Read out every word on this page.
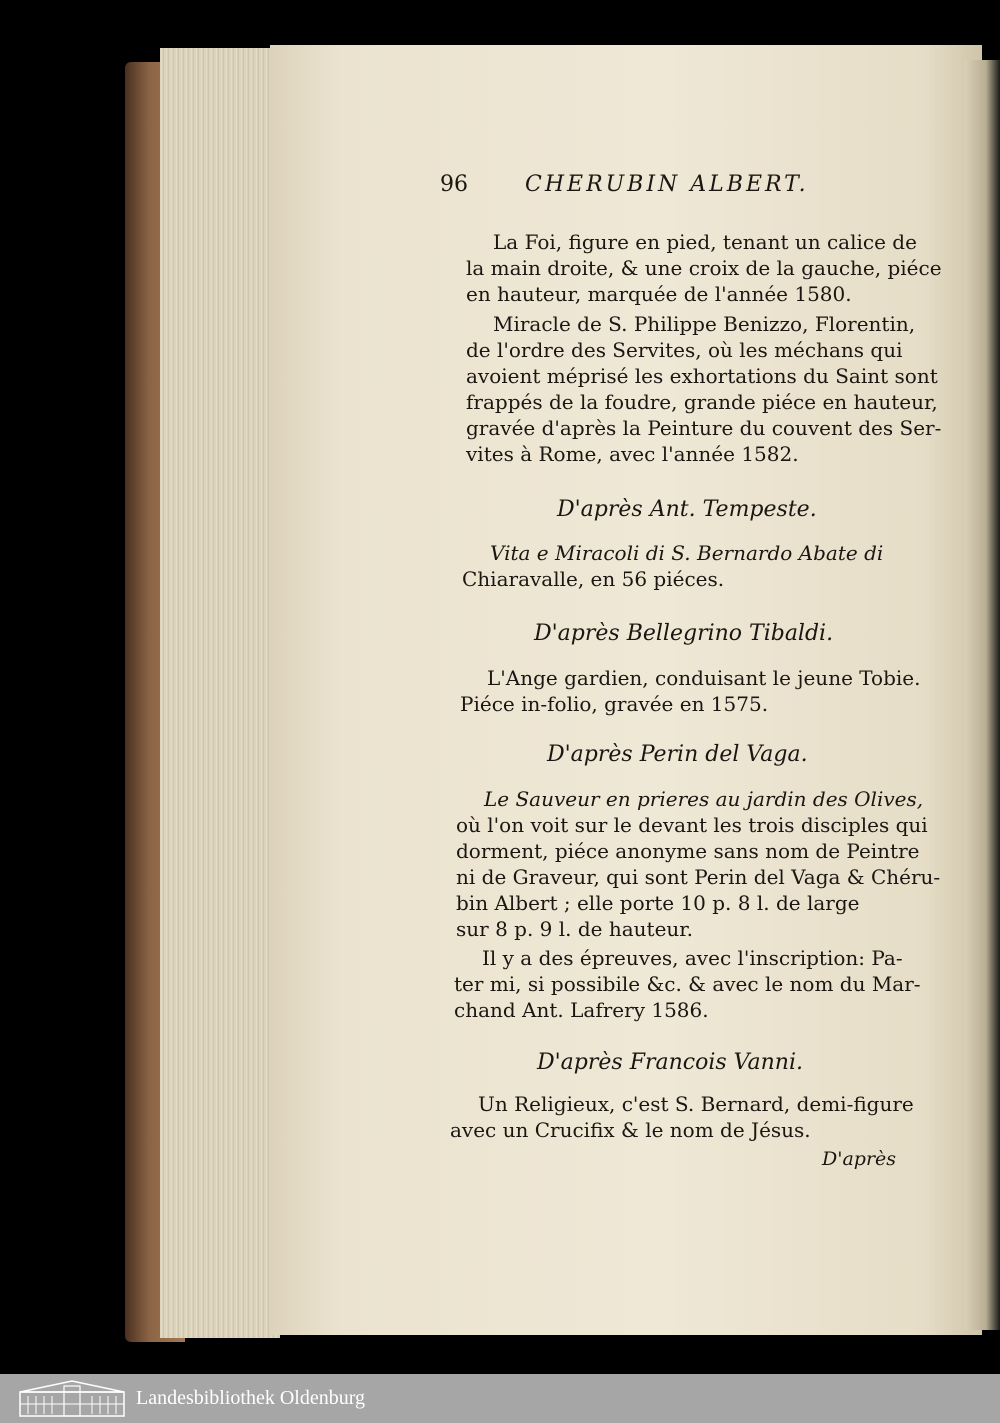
96	CHERUBIN ALBERT.
La Foi, figure en pied, tenant un calice de
la main droite, & une croix de la gauche, piéce
en hauteur, marquée de l'année 1580.
Miracle de S. Philippe Benizzo, Florentin,
de l'ordre des Servites, où les méchans qui
avoient méprisé les exhortations du Saint sont
frappés de la foudre, grande piéce en hauteur,
gravée d'après la Peinture du couvent des Ser-
vites à Rome, avec l'année 1582.
D'après Ant. Tempeste.
Vita e Miracoli di S. Bernardo Abate di
Chiaravalle, en 56 piéces.
D'après Bellegrino Tibaldi.
L'Ange gardien, conduisant le jeune Tobie.
Piéce in-folio, gravée en 1575.
D'après Perin del Vaga.
Le Sauveur en prieres au jardin des Olives,
où l'on voit sur le devant les trois disciples qui
dorment, piéce anonyme sans nom de Peintre
ni de Graveur, qui sont Perin del Vaga & Chéru-
bin Albert ; elle porte 10 p. 8 l. de large
sur 8 p. 9 l. de hauteur.
Il y a des épreuves, avec l'inscription: Pa-
ter mi, si possibile &c. & avec le nom du Mar-
chand Ant. Lafrery 1586.
D'après Francois Vanni.
Un Religieux, c'est S. Bernard, demi-figure
avec un Crucifix & le nom de Jésus.
D'après
Landesbibliothek Oldenburg
